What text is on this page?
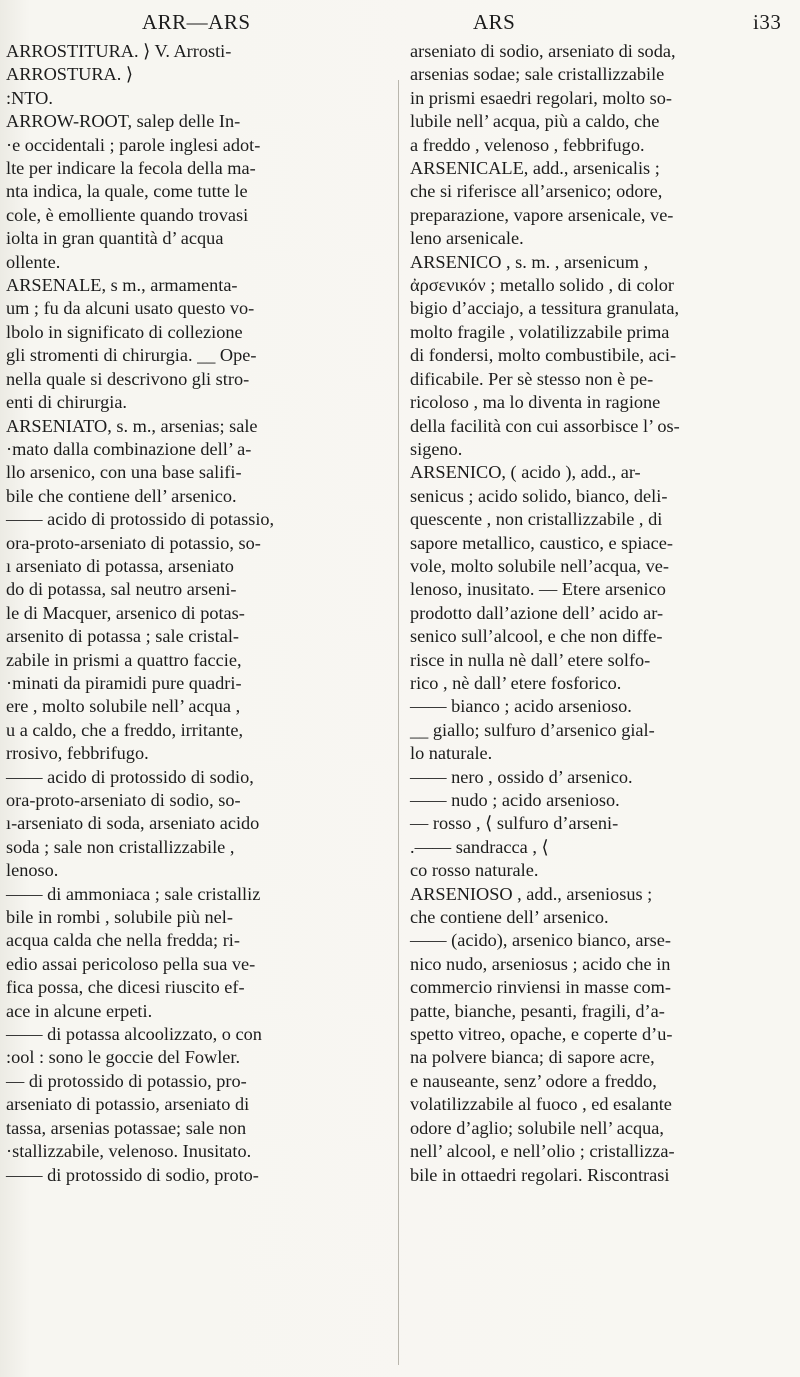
ARR—ARS	ARS	i33

ARROSTITURA. ⟩ V. Arrosti-

ARROSTURA. ⟩

:NTO.

ARROW-ROOT, salep delle In-

·e occidentali ; parole inglesi adot-

lte per indicare la fecola della ma-

nta indica, la quale, come tutte le

cole, è emolliente quando trovasi

iolta in gran quantità d’ acqua

ollente.

ARSENALE, s m., armamenta-

um ; fu da alcuni usato questo vo-

lbolo in significato di collezione

gli stromenti di chirurgia. __ Ope-

nella quale si descrivono gli stro-

enti di chirurgia.

ARSENIATO, s. m., arsenias; sale

·mato dalla combinazione dell’ a-

llo arsenico, con una base salifi-

bile che contiene dell’ arsenico.

—— acido di protossido di potassio,

ora-proto-arseniato di potassio, so-

ı arseniato di potassa, arseniato

do di potassa, sal neutro arseni-

le di Macquer, arsenico di potas-

arsenito di potassa ; sale cristal-

zabile in prismi a quattro faccie,

·minati da piramidi pure quadri-

ere , molto solubile nell’ acqua ,

u a caldo, che a freddo, irritante,

rrosivo, febbrifugo.

—— acido di protossido di sodio,

ora-proto-arseniato di sodio, so-

ı-arseniato di soda, arseniato acido

soda ; sale non cristallizzabile ,

lenoso.

—— di ammoniaca ; sale cristalliz

bile in rombi , solubile più nel-

acqua calda che nella fredda; ri-

edio assai pericoloso pella sua ve-

fica possa, che dicesi riuscito ef-

ace in alcune erpeti.

—— di potassa alcoolizzato, o con

:ool : sono le goccie del Fowler.

— di protossido di potassio, pro-

arseniato di potassio, arseniato di

tassa, arsenias potassae; sale non

·stallizzabile, velenoso. Inusitato.

—— di protossido di sodio, proto-

arseniato di sodio, arseniato di soda,

arsenias sodae; sale cristallizzabile

in prismi esaedri regolari, molto so-

lubile nell’ acqua, più a caldo, che

a freddo , velenoso , febbrifugo.

ARSENICALE, add., arsenicalis ;

che si riferisce all’arsenico; odore,

preparazione, vapore arsenicale, ve-

leno arsenicale.

ARSENICO , s. m. , arsenicum ,

ἀρσενικόν ; metallo solido , di color

bigio d’acciajo, a tessitura granulata,

molto fragile , volatilizzabile prima

di fondersi, molto combustibile, aci-

dificabile. Per sè stesso non è pe-

ricoloso , ma lo diventa in ragione

della facilità con cui assorbisce l’ os-

sigeno.

ARSENICO, ( acido ), add., ar-

senicus ; acido solido, bianco, deli-

quescente , non cristallizzabile , di

sapore metallico, caustico, e spiace-

vole, molto solubile nell’acqua, ve-

lenoso, inusitato. — Etere arsenico

prodotto dall’azione dell’ acido ar-

senico sull’alcool, e che non diffe-

risce in nulla nè dall’ etere solfo-

rico , nè dall’ etere fosforico.

—— bianco ; acido arsenioso.

__ giallo; sulfuro d’arsenico gial-

lo naturale.

—— nero , ossido d’ arsenico.

—— nudo ; acido arsenioso.

— rosso , ⟨ sulfuro d’arseni-

.—— sandracca , ⟨

co rosso naturale.

ARSENIOSO , add., arseniosus ;

che contiene dell’ arsenico.

—— (acido), arsenico bianco, arse-

nico nudo, arseniosus ; acido che in

commercio rinviensi in masse com-

patte, bianche, pesanti, fragili, d’a-

spetto vitreo, opache, e coperte d’u-

na polvere bianca; di sapore acre,

e nauseante, senz’ odore a freddo,

volatilizzabile al fuoco , ed esalante

odore d’aglio; solubile nell’ acqua,

nell’ alcool, e nell’olio ; cristallizza-

bile in ottaedri regolari. Riscontrasi
